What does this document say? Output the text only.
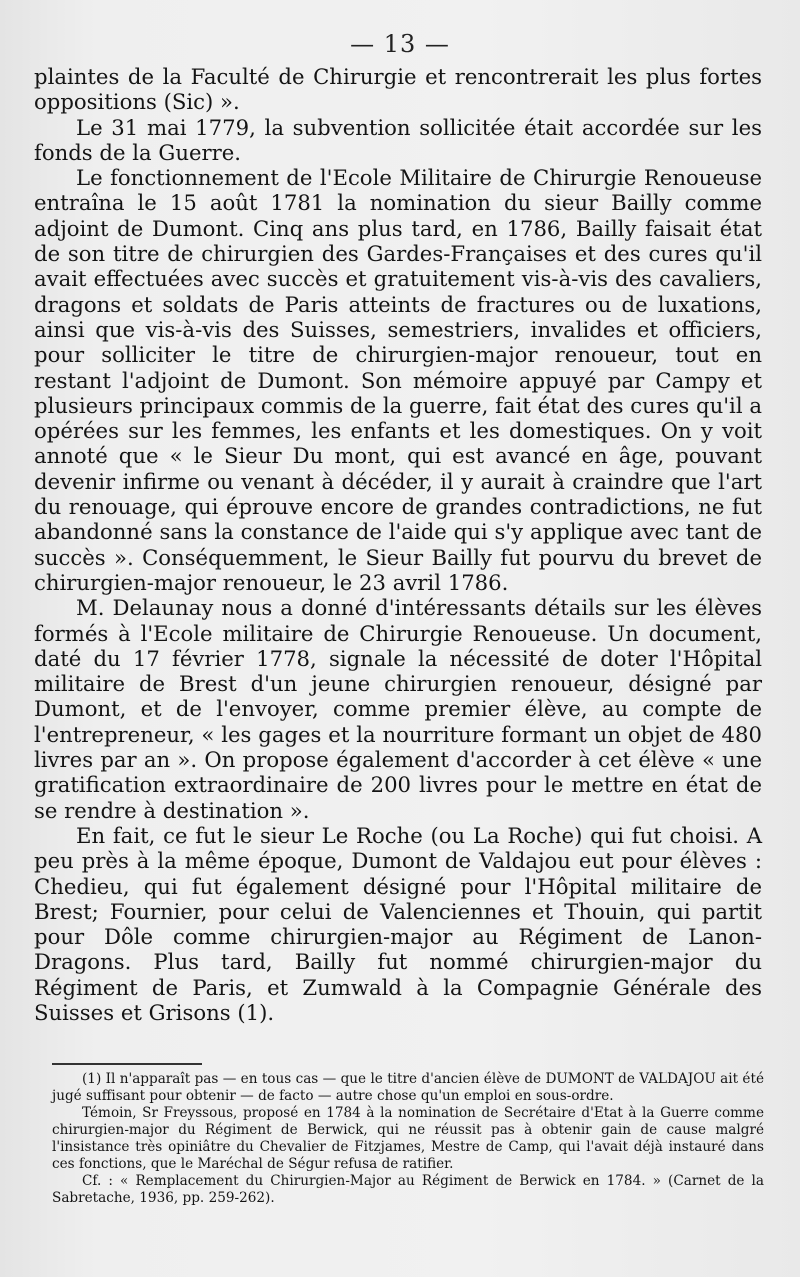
— 13 —

plaintes de la Faculté de Chirurgie et rencontrerait les plus fortes oppositions (Sic) ».

Le 31 mai 1779, la subvention sollicitée était accordée sur les fonds de la Guerre.

Le fonctionnement de l'Ecole Militaire de Chirurgie Renoueuse entraîna le 15 août 1781 la nomination du sieur Bailly comme adjoint de Dumont. Cinq ans plus tard, en 1786, Bailly faisait état de son titre de chirurgien des Gardes-Françaises et des cures qu'il avait effectuées avec succès et gratuitement vis-à-vis des cavaliers, dragons et soldats de Paris atteints de fractures ou de luxations, ainsi que vis-à-vis des Suisses, semestriers, invalides et officiers, pour solliciter le titre de chirurgien-major renoueur, tout en restant l'adjoint de Dumont. Son mémoire appuyé par Campy et plusieurs principaux commis de la guerre, fait état des cures qu'il a opérées sur les femmes, les enfants et les domestiques. On y voit annoté que « le Sieur Du mont, qui est avancé en âge, pouvant devenir infirme ou venant à décéder, il y aurait à craindre que l'art du renouage, qui éprouve encore de grandes contradictions, ne fut abandonné sans la constance de l'aide qui s'y applique avec tant de succès ». Conséquemment, le Sieur Bailly fut pourvu du brevet de chirurgien-major renoueur, le 23 avril 1786.

M. Delaunay nous a donné d'intéressants détails sur les élèves formés à l'Ecole militaire de Chirurgie Renoueuse. Un document, daté du 17 février 1778, signale la nécessité de doter l'Hôpital militaire de Brest d'un jeune chirurgien renoueur, désigné par Dumont, et de l'envoyer, comme premier élève, au compte de l'entrepreneur, « les gages et la nourriture formant un objet de 480 livres par an ». On propose également d'accorder à cet élève « une gratification extraordinaire de 200 livres pour le mettre en état de se rendre à destination ».

En fait, ce fut le sieur Le Roche (ou La Roche) qui fut choisi. A peu près à la même époque, Dumont de Valdajou eut pour élèves : Chedieu, qui fut également désigné pour l'Hôpital militaire de Brest; Fournier, pour celui de Valenciennes et Thouin, qui partit pour Dôle comme chirurgien-major au Régiment de Lanon-Dragons. Plus tard, Bailly fut nommé chirurgien-major du Régiment de Paris, et Zumwald à la Compagnie Générale des Suisses et Grisons (1).

(1) Il n'apparaît pas — en tous cas — que le titre d'ancien élève de DUMONT de VALDAJOU ait été jugé suffisant pour obtenir — de facto — autre chose qu'un emploi en sous-ordre.

Témoin, Sr Freyssous, proposé en 1784 à la nomination de Secrétaire d'Etat à la Guerre comme chirurgien-major du Régiment de Berwick, qui ne réussit pas à obtenir gain de cause malgré l'insistance très opiniâtre du Chevalier de Fitzjames, Mestre de Camp, qui l'avait déjà instauré dans ces fonctions, que le Maréchal de Ségur refusa de ratifier.

Cf. : « Remplacement du Chirurgien-Major au Régiment de Berwick en 1784. » (Carnet de la Sabretache, 1936, pp. 259-262).
